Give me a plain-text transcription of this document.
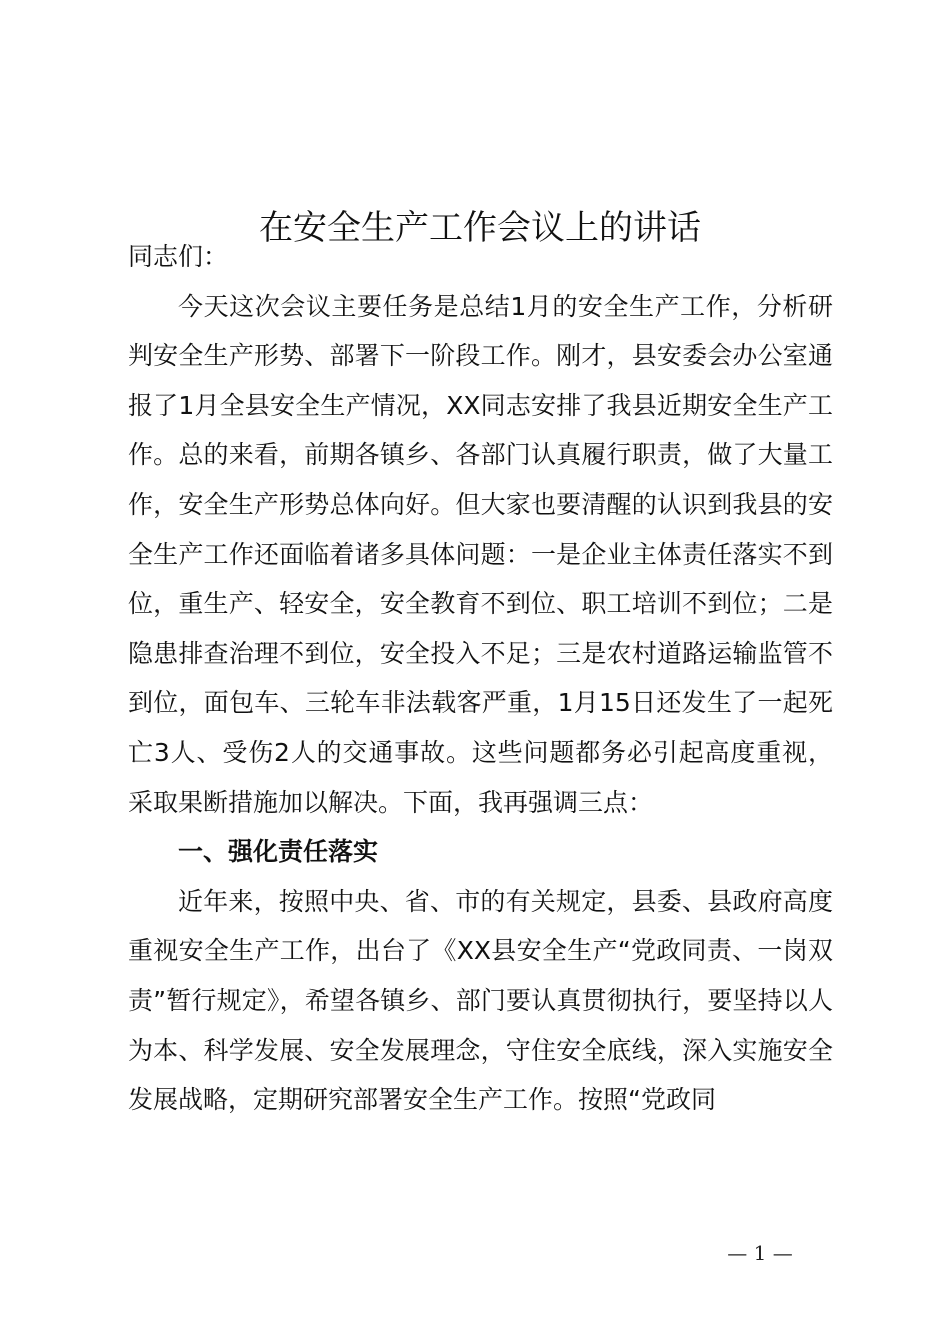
在安全生产工作会议上的讲话

同志们：

今天这次会议主要任务是总结1月的安全生产工作，分析研判安全生产形势、部署下一阶段工作。刚才，县安委会办公室通报了1月全县安全生产情况，XX同志安排了我县近期安全生产工作。总的来看，前期各镇乡、各部门认真履行职责，做了大量工作，安全生产形势总体向好。但大家也要清醒的认识到我县的安全生产工作还面临着诸多具体问题：一是企业主体责任落实不到位，重生产、轻安全，安全教育不到位、职工培训不到位；二是隐患排查治理不到位，安全投入不足；三是农村道路运输监管不到位，面包车、三轮车非法载客严重，1月15日还发生了一起死亡3人、受伤2人的交通事故。这些问题都务必引起高度重视，采取果断措施加以解决。下面，我再强调三点：

一、强化责任落实

近年来，按照中央、省、市的有关规定，县委、县政府高度重视安全生产工作，出台了《XX县安全生产“党政同责、一岗双责”暂行规定》，希望各镇乡、部门要认真贯彻执行，要坚持以人为本、科学发展、安全发展理念，守住安全底线，深入实施安全发展战略，定期研究部署安全生产工作。按照“党政同

— 1 —
